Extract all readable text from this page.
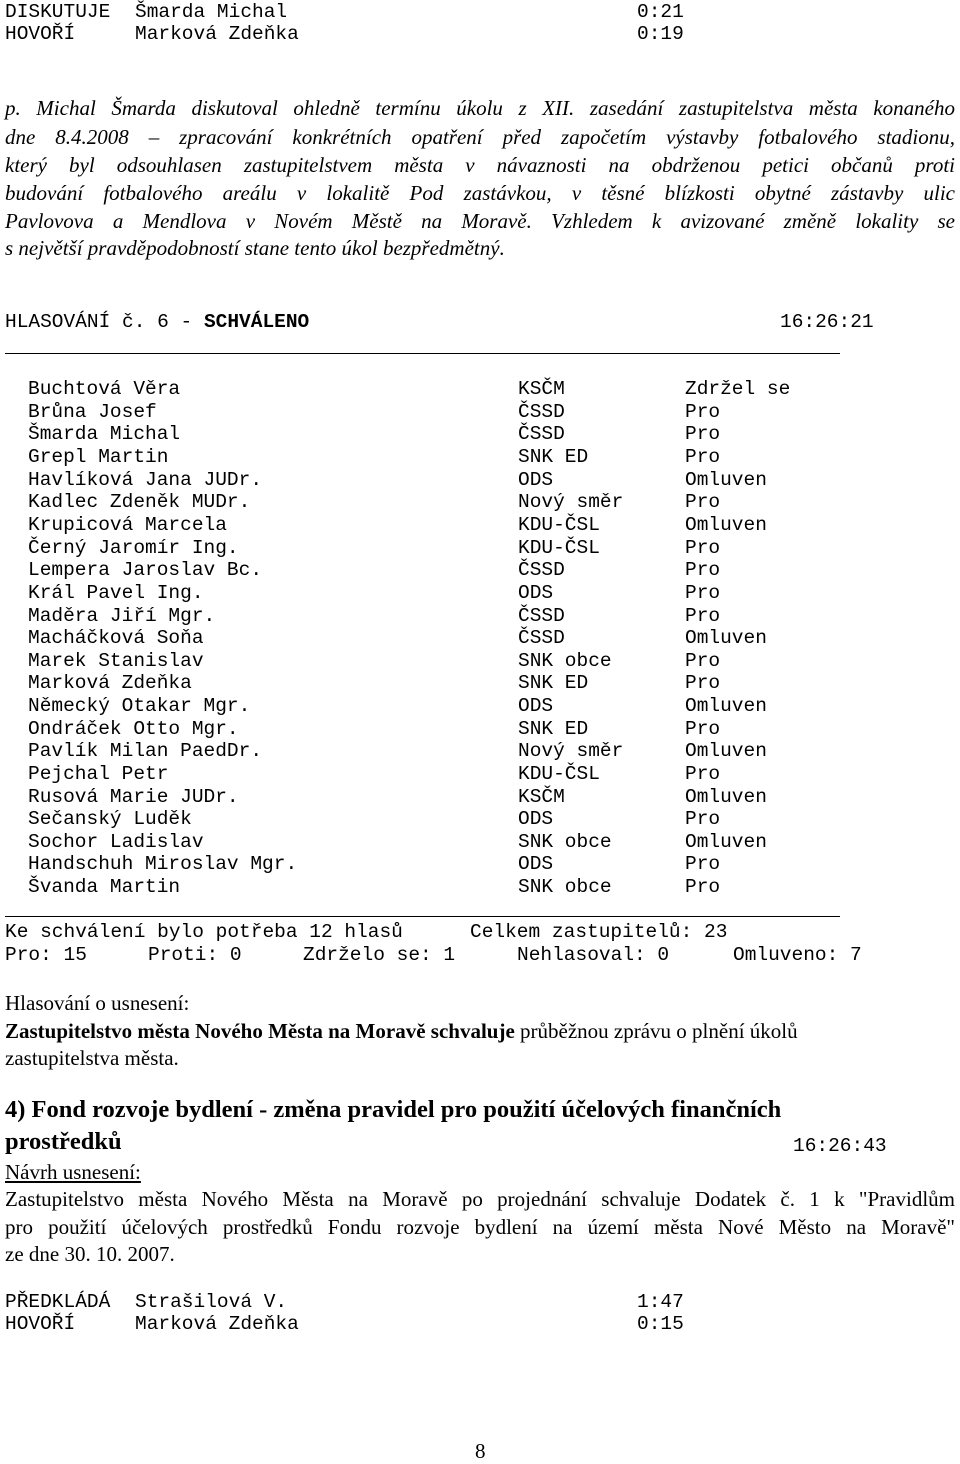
DISKUTUJE Šmarda Michal	0:21
HOVOŘÍ	Marková Zdeňka	0:19
p. Michal Šmarda diskutoval ohledně termínu úkolu z XII. zasedání zastupitelstva města konaného
dne 8.4.2008 – zpracování konkrétních opatření před započetím výstavby fotbalového stadionu,
který byl odsouhlasen zastupitelstvem města v návaznosti na obdrženou petici občanů proti
budování fotbalového areálu v lokalitě Pod zastávkou, v těsné blízkosti obytné zástavby ulic
Pavlovova a Mendlova v Novém Městě na Moravě. Vzhledem k avizované změně lokality se
s největší pravděpodobností stane tento úkol bezpředmětný.
HLASOVÁNÍ č. 6 - SCHVÁLENO	16:26:21
Buchtová Věra	KSČM	Zdržel se
Brůna Josef	ČSSD	Pro
Šmarda Michal	ČSSD	Pro
Grepl Martin	SNK ED	Pro
Havlíková Jana JUDr.	ODS	Omluven
Kadlec Zdeněk MUDr.	Nový směr	Pro
Krupicová Marcela	KDU-ČSL	Omluven
Černý Jaromír Ing.	KDU-ČSL	Pro
Lempera Jaroslav Bc.	ČSSD	Pro
Král Pavel Ing.	ODS	Pro
Maděra Jiří Mgr.	ČSSD	Pro
Macháčková Soňa	ČSSD	Omluven
Marek Stanislav	SNK obce	Pro
Marková Zdeňka	SNK ED	Pro
Německý Otakar Mgr.	ODS	Omluven
Ondráček Otto Mgr.	SNK ED	Pro
Pavlík Milan PaedDr.	Nový směr	Omluven
Pejchal Petr	KDU-ČSL	Pro
Rusová Marie JUDr.	KSČM	Omluven
Sečanský Luděk	ODS	Pro
Sochor Ladislav	SNK obce	Omluven
Handschuh Miroslav Mgr.	ODS	Pro
Švanda Martin	SNK obce	Pro
Ke schválení bylo potřeba 12 hlasů	Celkem zastupitelů: 23
Pro: 15	Proti: 0	Zdrželo se: 1	Nehlasoval: 0	Omluveno: 7
Hlasování o usnesení:
Zastupitelstvo města Nového Města na Moravě schvaluje průběžnou zprávu o plnění úkolů
zastupitelstva města.
4) Fond rozvoje bydlení - změna pravidel pro použití účelových finančních
prostředků	16:26:43
Návrh usnesení:
Zastupitelstvo města Nového Města na Moravě po projednání schvaluje Dodatek č. 1 k "Pravidlům
pro použití účelových prostředků Fondu rozvoje bydlení na území města Nové Město na Moravě"
ze dne 30. 10. 2007.
PŘEDKLÁDÁ Strašilová V.	1:47
HOVOŘÍ	Marková Zdeňka	0:15
8
